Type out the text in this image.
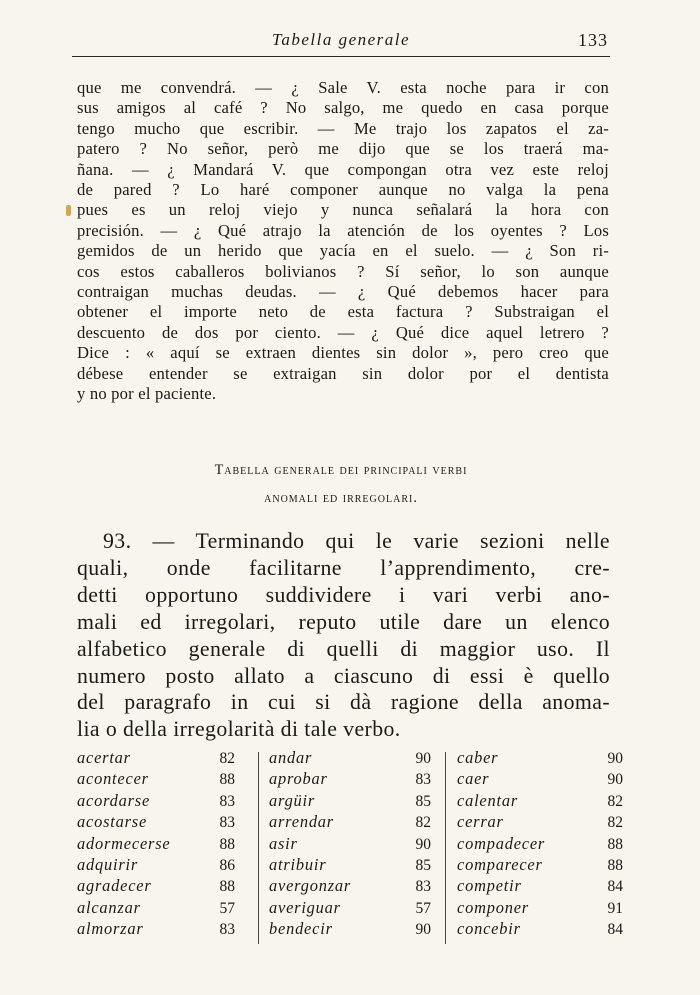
Tabella generale	133
que me convendrá. — ¿ Sale V. esta noche para ir con
sus amigos al café ? No salgo, me quedo en casa porque
tengo mucho que escribir. — Me trajo los zapatos el za-
patero ? No señor, però me dijo que se los traerá ma-
ñana. — ¿ Mandará V. que compongan otra vez este reloj
de pared ? Lo haré componer aunque no valga la pena
pues es un reloj viejo y nunca señalará la hora con
precisión. — ¿ Qué atrajo la atención de los oyentes ? Los
gemidos de un herido que yacía en el suelo. — ¿ Son ri-
cos estos caballeros bolivianos ? Sí señor, lo son aunque
contraigan muchas deudas. — ¿ Qué debemos hacer para
obtener el importe neto de esta factura ? Substraigan el
descuento de dos por ciento. — ¿ Qué dice aquel letrero ?
Dice : « aquí se extraen dientes sin dolor », pero creo que
débese entender se extraigan sin dolor por el dentista
y no por el paciente.
Tabella generale dei principali verbi
anomali ed irregolari.
93. — Terminando qui le varie sezioni nelle
quali, onde facilitarne l’apprendimento, cre-
detti opportuno suddividere i vari verbi ano-
mali ed irregolari, reputo utile dare un elenco
alfabetico generale di quelli di maggior uso. Il
numero posto allato a ciascuno di essi è quello
del paragrafo in cui si dà ragione della anoma-
lia o della irregolarità di tale verbo.
acertar	82
acontecer	88
acordarse	83
acostarse	83
adormecerse	88
adquirir	86
agradecer	88
alcanzar	57
almorzar	83
andar	90
aprobar	83
argüir	85
arrendar	82
asir	90
atribuir	85
avergonzar	83
averiguar	57
bendecir	90
caber	90
caer	90
calentar	82
cerrar	82
compadecer	88
comparecer	88
competir	84
componer	91
concebir	84
